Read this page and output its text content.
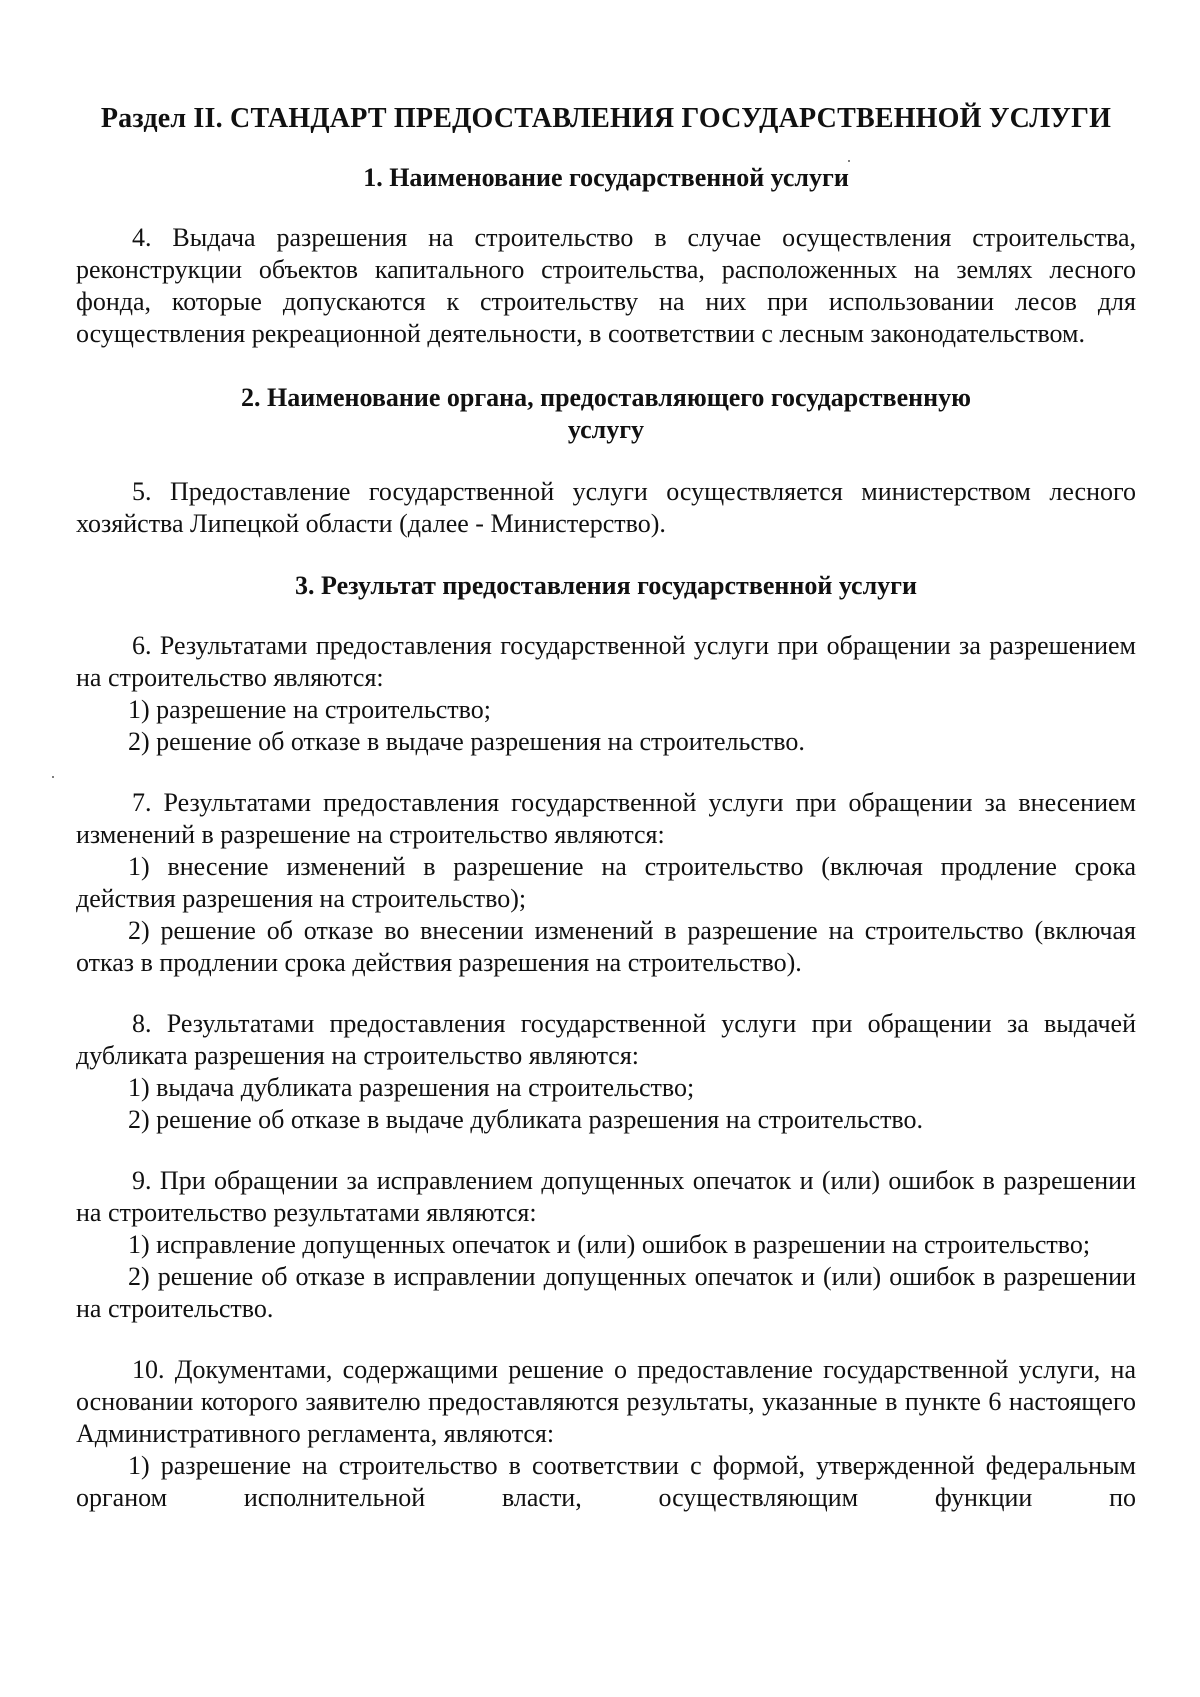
Раздел II. СТАНДАРТ ПРЕДОСТАВЛЕНИЯ ГОСУДАРСТВЕННОЙ УСЛУГИ
1. Наименование государственной услуги

4. Выдача разрешения на строительство в случае осуществления строительства, реконструкции объектов капитального строительства, расположенных на землях лесного фонда, которые допускаются к строительству на них при использовании лесов для осуществления рекреационной деятельности, в соответствии с лесным законодательством.

2. Наименование органа, предоставляющего государственную
услугу

5. Предоставление государственной услуги осуществляется министерством лесного хозяйства Липецкой области (далее - Министерство).

3. Результат предоставления государственной услуги

6. Результатами предоставления государственной услуги при обращении за разрешением на строительство являются:

1) разрешение на строительство;

2) решение об отказе в выдаче разрешения на строительство.

7. Результатами предоставления государственной услуги при обращении за внесением изменений в разрешение на строительство являются:

1) внесение изменений в разрешение на строительство (включая продление срока действия разрешения на строительство);

2) решение об отказе во внесении изменений в разрешение на строительство (включая отказ в продлении срока действия разрешения на строительство).

8. Результатами предоставления государственной услуги при обращении за выдачей дубликата разрешения на строительство являются:

1) выдача дубликата разрешения на строительство;

2) решение об отказе в выдаче дубликата разрешения на строительство.

9. При обращении за исправлением допущенных опечаток и (или) ошибок в разрешении на строительство результатами являются:

1) исправление допущенных опечаток и (или) ошибок в разрешении на строительство;

2) решение об отказе в исправлении допущенных опечаток и (или) ошибок в разрешении на строительство.

10. Документами, содержащими решение о предоставление государственной услуги, на основании которого заявителю предоставляются результаты, указанные в пункте 6 настоящего Административного регламента, являются:

1) разрешение на строительство в соответствии с формой, утвержденной федеральным органом исполнительной власти, осуществляющим функции по
